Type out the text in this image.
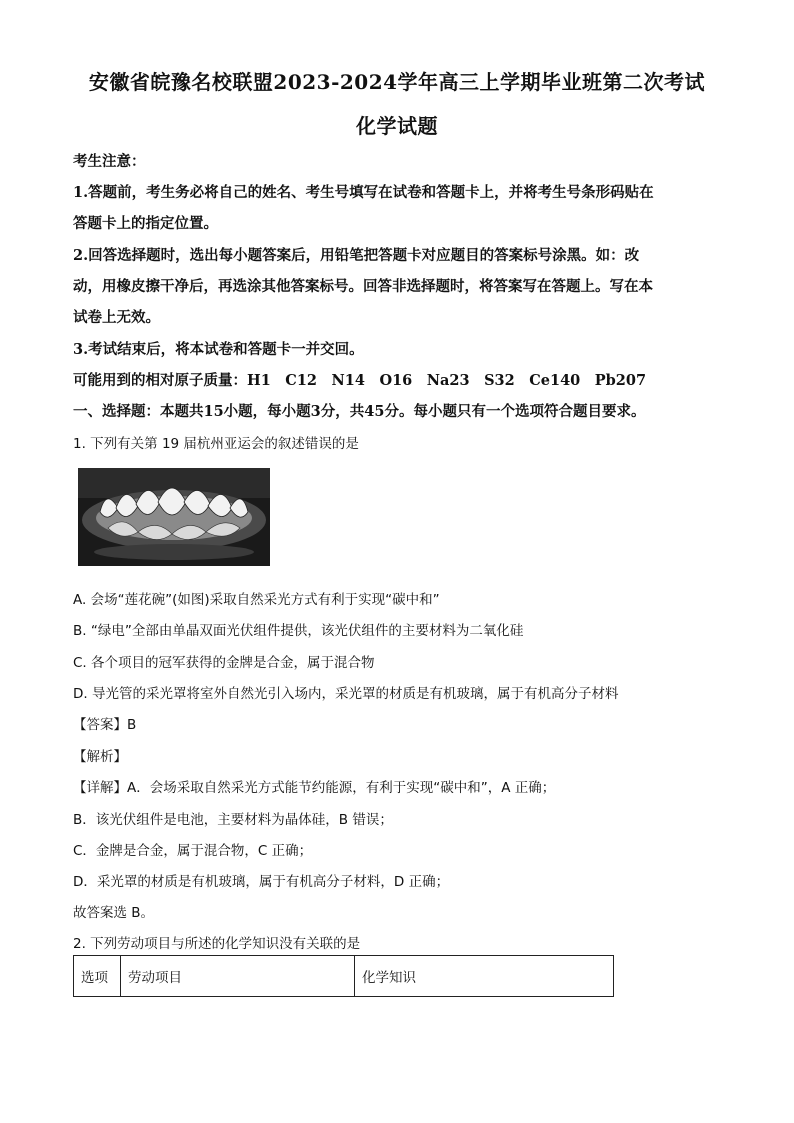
安徽省皖豫名校联盟2023-2024学年高三上学期毕业班第二次考试
化学试题
考生注意：
1.答题前，考生务必将自己的姓名、考生号填写在试卷和答题卡上，并将考生号条形码贴在
答题卡上的指定位置。
2.回答选择题时，选出每小题答案后，用铅笔把答题卡对应题目的答案标号涂黑。如：改
动，用橡皮擦干净后，再选涂其他答案标号。回答非选择题时，将答案写在答题上。写在本
试卷上无效。
3.考试结束后，将本试卷和答题卡一并交回。
可能用到的相对原子质量：H1　C12　N14　O16　Na23　S32　Ce140　Pb207
一、选择题：本题共15小题，每小题3分，共45分。每小题只有一个选项符合题目要求。
1. 下列有关第 19 届杭州亚运会的叙述错误的是
A. 会场“莲花碗”(如图)采取自然采光方式有利于实现“碳中和”
B. “绿电”全部由单晶双面光伏组件提供，该光伏组件的主要材料为二氧化硅
C. 各个项目的冠军获得的金牌是合金，属于混合物
D. 导光管的采光罩将室外自然光引入场内，采光罩的材质是有机玻璃，属于有机高分子材料
【答案】B
【解析】
【详解】A．会场采取自然采光方式能节约能源，有利于实现“碳中和”，A 正确；
B．该光伏组件是电池，主要材料为晶体硅，B 错误；
C．金牌是合金，属于混合物，C 正确；
D．采光罩的材质是有机玻璃，属于有机高分子材料，D 正确；
故答案选 B。
2. 下列劳动项目与所述的化学知识没有关联的是
选项	劳动项目	化学知识
